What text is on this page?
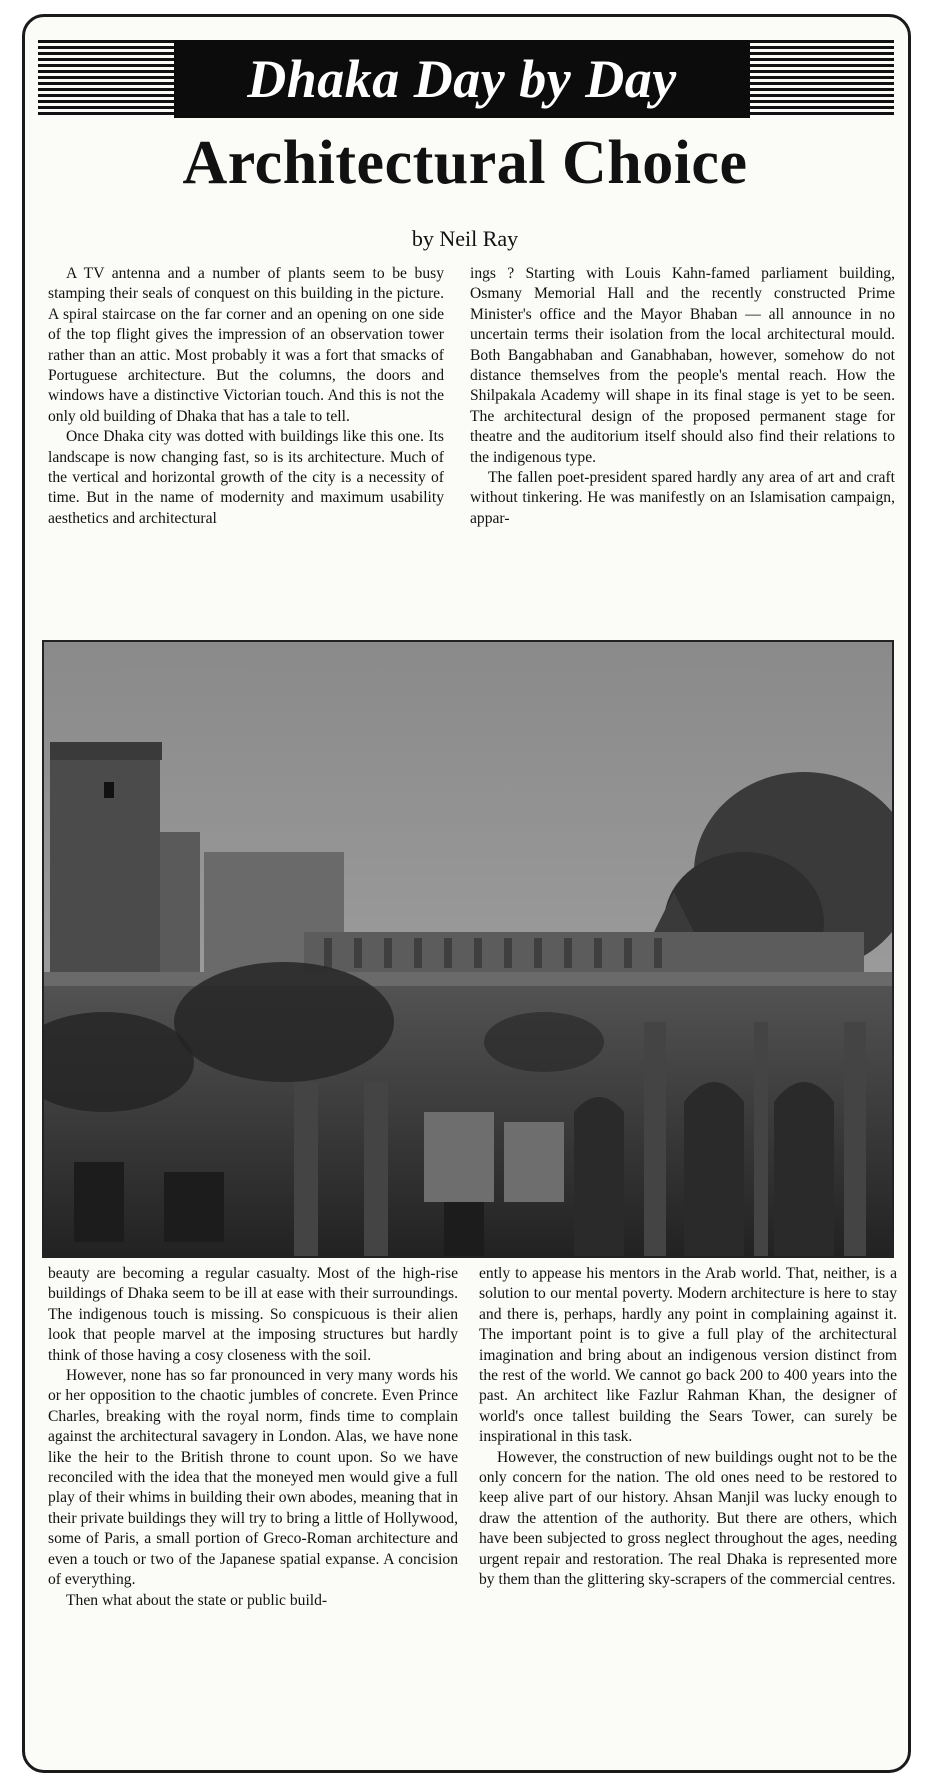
Dhaka Day by Day
Architectural Choice

by Neil Ray

A TV antenna and a number of plants seem to be busy stamping their seals of conquest on this building in the picture. A spiral staircase on the far corner and an opening on one side of the top flight gives the impression of an observation tower rather than an attic. Most probably it was a fort that smacks of Portuguese architecture. But the columns, the doors and windows have a distinctive Victorian touch. And this is not the only old building of Dhaka that has a tale to tell.

Once Dhaka city was dotted with buildings like this one. Its landscape is now changing fast, so is its architecture. Much of the vertical and horizontal growth of the city is a necessity of time. But in the name of modernity and maximum usability aesthetics and architectural

ings ? Starting with Louis Kahn-famed parliament building, Osmany Memorial Hall and the recently constructed Prime Minister's office and the Mayor Bhaban — all announce in no uncertain terms their isolation from the local architectural mould. Both Bangabhaban and Ganabhaban, however, somehow do not distance themselves from the people's mental reach. How the Shilpakala Academy will shape in its final stage is yet to be seen. The architectural design of the proposed permanent stage for theatre and the auditorium itself should also find their relations to the indigenous type.

The fallen poet-president spared hardly any area of art and craft without tinkering. He was manifestly on an Islamisation campaign, appar-

beauty are becoming a regular casualty. Most of the high-rise buildings of Dhaka seem to be ill at ease with their surroundings. The indigenous touch is missing. So conspicuous is their alien look that people marvel at the imposing structures but hardly think of those having a cosy closeness with the soil.

However, none has so far pronounced in very many words his or her opposition to the chaotic jumbles of concrete. Even Prince Charles, breaking with the royal norm, finds time to complain against the architectural savagery in London. Alas, we have none like the heir to the British throne to count upon. So we have reconciled with the idea that the moneyed men would give a full play of their whims in building their own abodes, meaning that in their private buildings they will try to bring a little of Hollywood, some of Paris, a small portion of Greco-Roman architecture and even a touch or two of the Japanese spatial expanse. A concision of everything.

Then what about the state or public build-

ently to appease his mentors in the Arab world. That, neither, is a solution to our mental poverty. Modern architecture is here to stay and there is, perhaps, hardly any point in complaining against it. The important point is to give a full play of the architectural imagination and bring about an indigenous version distinct from the rest of the world. We cannot go back 200 to 400 years into the past. An architect like Fazlur Rahman Khan, the designer of world's once tallest building the Sears Tower, can surely be inspirational in this task.

However, the construction of new buildings ought not to be the only concern for the nation. The old ones need to be restored to keep alive part of our history. Ahsan Manjil was lucky enough to draw the attention of the authority. But there are others, which have been subjected to gross neglect throughout the ages, needing urgent repair and restoration. The real Dhaka is represented more by them than the glittering sky-scrapers of the commercial centres.
